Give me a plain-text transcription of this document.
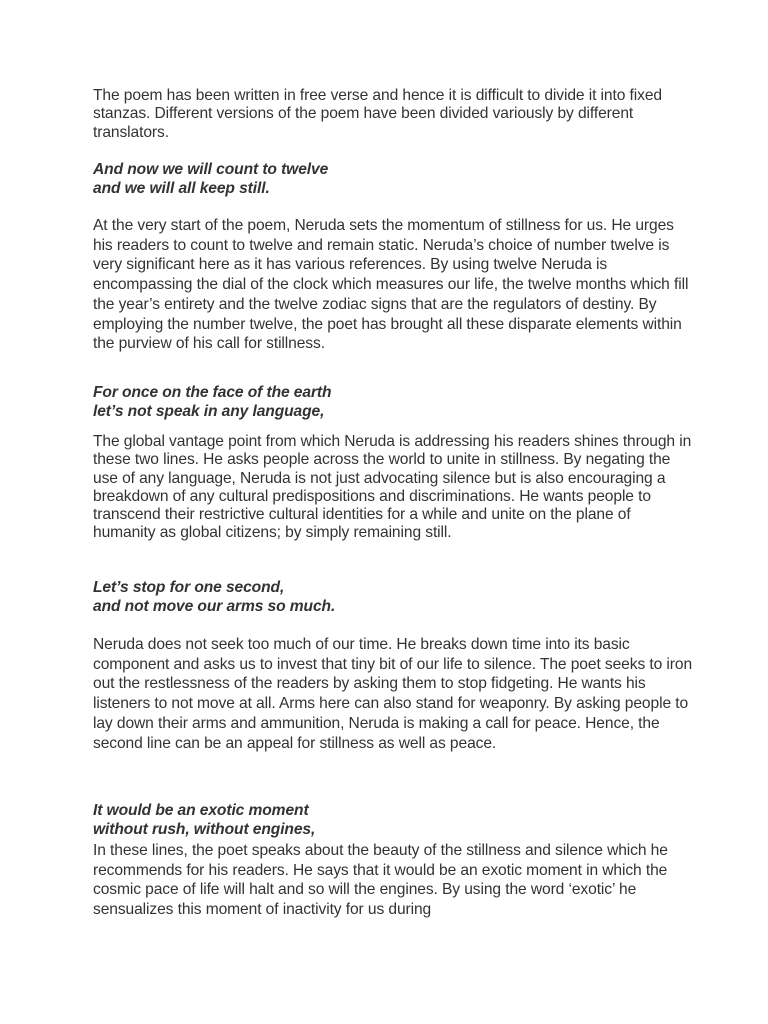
The poem has been written in free verse and hence it is difficult to divide it into fixed stanzas. Different versions of the poem have been divided variously by different translators.

And now we will count to twelve
and we will all keep still.

At the very start of the poem, Neruda sets the momentum of stillness for us. He urges his readers to count to twelve and remain static. Neruda’s choice of number twelve is very significant here as it has various references. By using twelve Neruda is encompassing the dial of the clock which measures our life, the twelve months which fill the year’s entirety and the twelve zodiac signs that are the regulators of destiny. By employing the number twelve, the poet has brought all these disparate elements within the purview of his call for stillness.

For once on the face of the earth
let’s not speak in any language,

The global vantage point from which Neruda is addressing his readers shines through in these two lines. He asks people across the world to unite in stillness. By negating the use of any language, Neruda is not just advocating silence but is also encouraging a breakdown of any cultural predispositions and discriminations. He wants people to transcend their restrictive cultural identities for a while and unite on the plane of humanity as global citizens; by simply remaining still.

Let’s stop for one second,
and not move our arms so much.

Neruda does not seek too much of our time. He breaks down time into its basic component and asks us to invest that tiny bit of our life to silence. The poet seeks to iron out the restlessness of the readers by asking them to stop fidgeting. He wants his listeners to not move at all. Arms here can also stand for weaponry. By asking people to lay down their arms and ammunition, Neruda is making a call for peace. Hence, the second line can be an appeal for stillness as well as peace.

It would be an exotic moment
without rush, without engines,

In these lines, the poet speaks about the beauty of the stillness and silence which he recommends for his readers. He says that it would be an exotic moment in which the cosmic pace of life will halt and so will the engines. By using the word ‘exotic’ he sensualizes this moment of inactivity for us during
